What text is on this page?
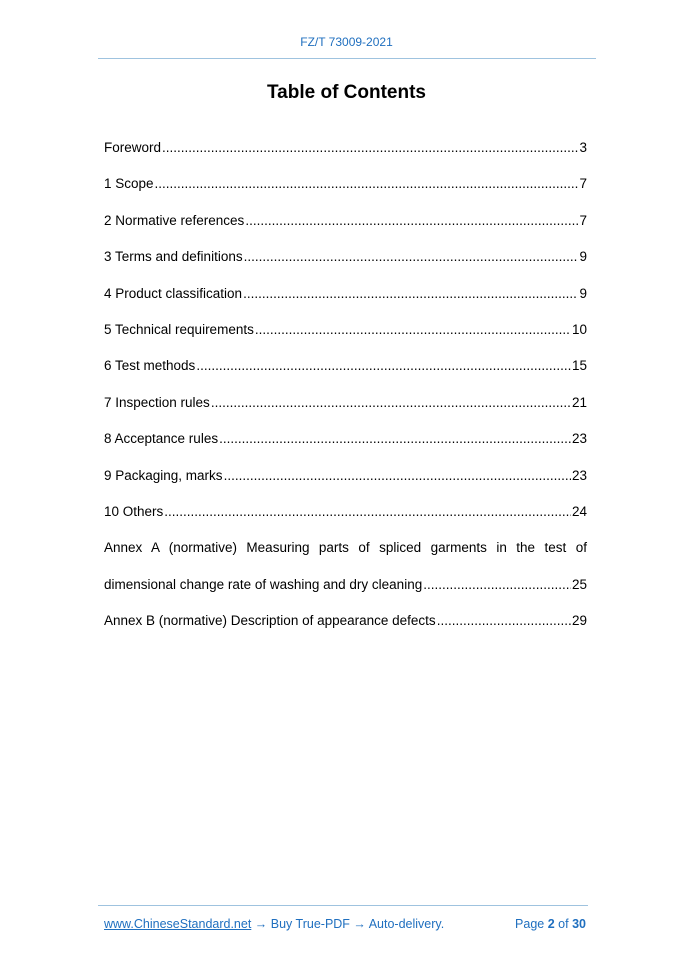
FZ/T 73009-2021
Table of Contents
Foreword .....	3
1 Scope .....	7
2 Normative references .....	7
3 Terms and definitions .....	9
4 Product classification .....	9
5 Technical requirements .....	10
6 Test methods .....	15
7 Inspection rules .....	21
8 Acceptance rules .....	23
9 Packaging, marks .....	23
10 Others .....	24
Annex A (normative) Measuring parts of spliced garments in the test of
dimensional change rate of washing and dry cleaning .....	25
Annex B (normative) Description of appearance defects .....	29
www.ChineseStandard.net → Buy True-PDF → Auto-delivery.	Page 2 of 30
